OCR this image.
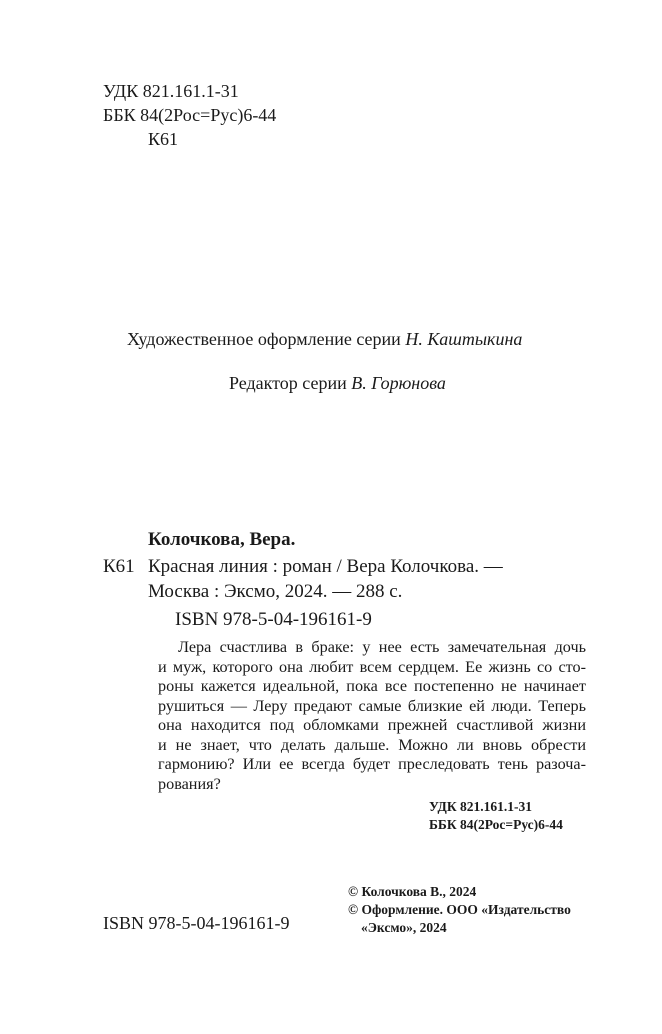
УДК 821.161.1-31
ББК 84(2Рос=Рус)6-44
К61
Художественное оформление серии Н. Каштыкина
Редактор серии В. Горюнова
Колочкова, Вера.
К61 Красная линия : роман / Вера Колочкова. —
Москва : Эксмо, 2024. — 288 с.
ISBN 978-5-04-196161-9
Лера счастлива в браке: у нее есть замечательная дочь
и муж, которого она любит всем сердцем. Ее жизнь со сто-
роны кажется идеальной, пока все постепенно не начинает
рушиться — Леру предают самые близкие ей люди. Теперь
она находится под обломками прежней счастливой жизни
и не знает, что делать дальше. Можно ли вновь обрести
гармонию? Или ее всегда будет преследовать тень разоча-
рования?
УДК 821.161.1-31
ББК 84(2Рос=Рус)6-44
ISBN 978-5-04-196161-9
© Колочкова В., 2024
© Оформление. ООО «Издательство
«Эксмо», 2024
